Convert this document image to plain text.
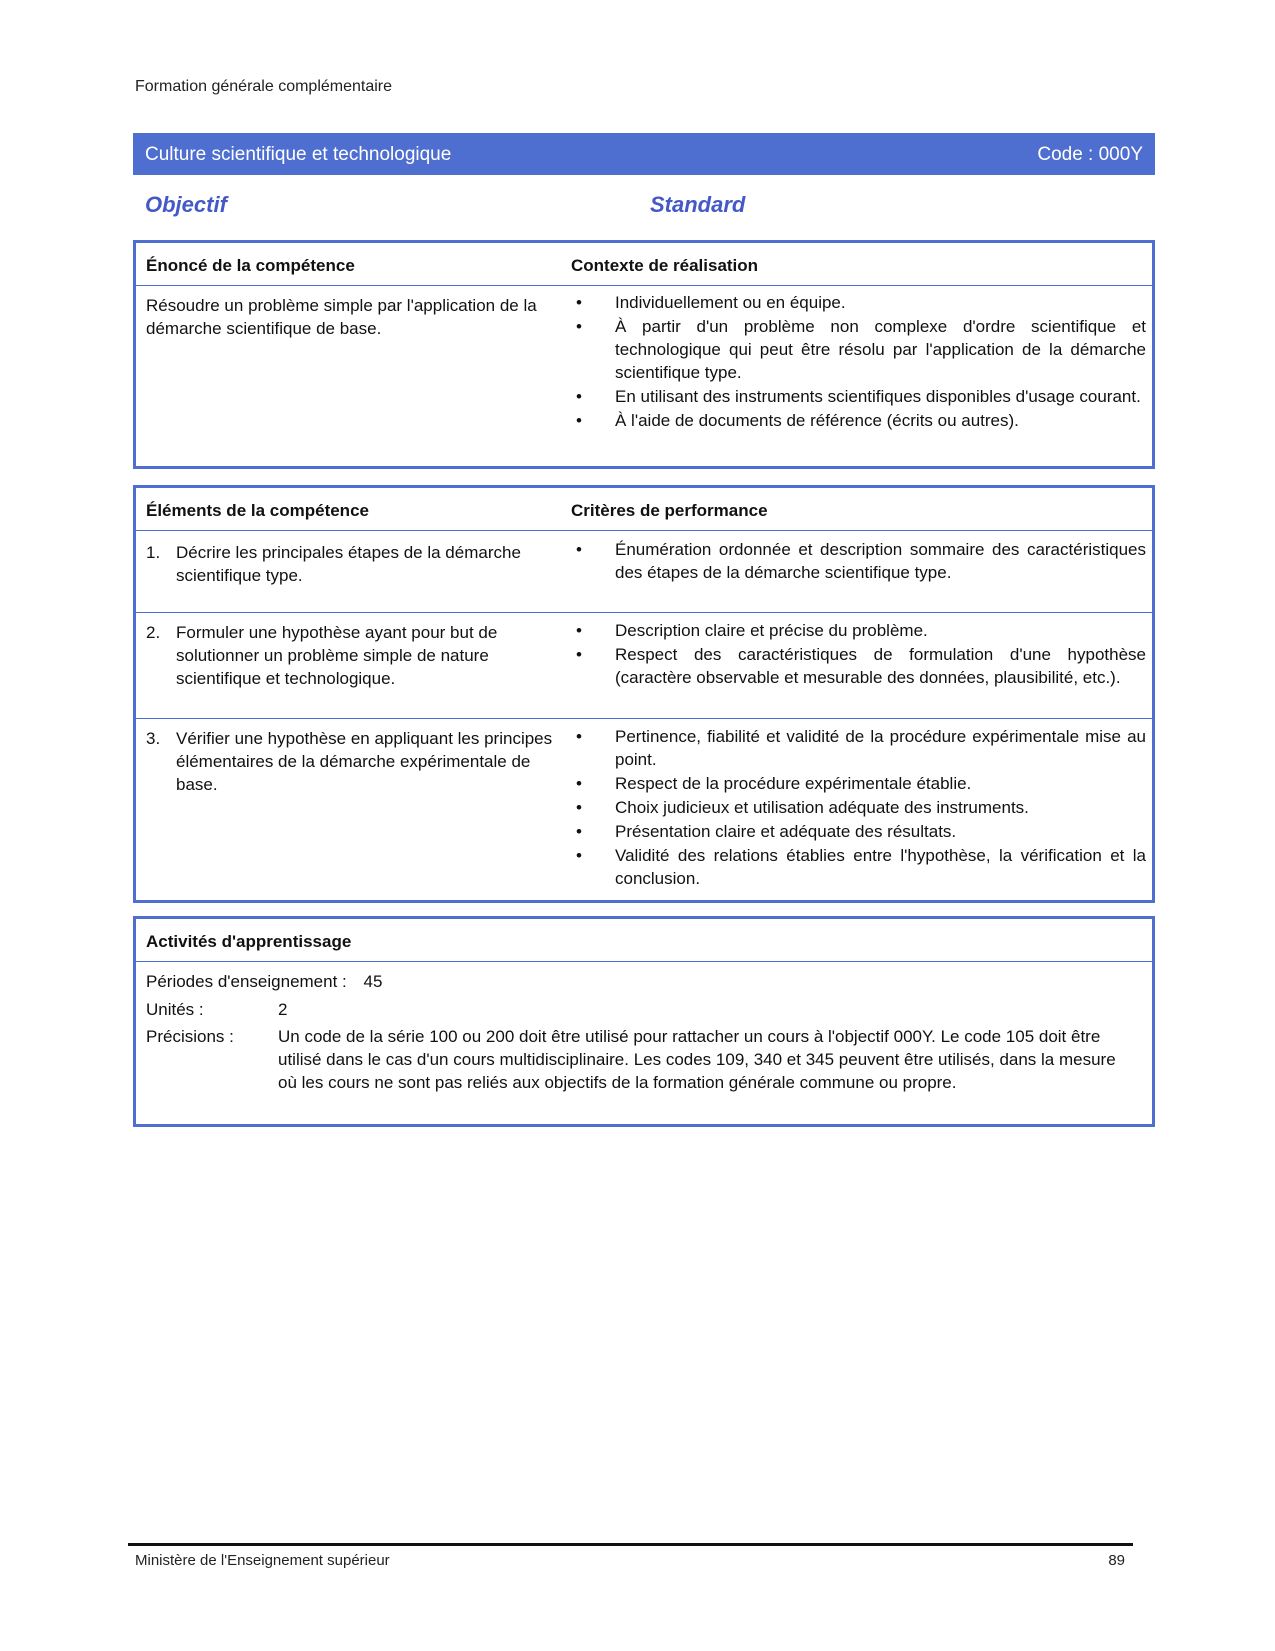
Formation générale complémentaire
Culture scientifique et technologique	Code : 000Y
Objectif	Standard
Énoncé de la compétence	Contexte de réalisation
Résoudre un problème simple par l'application de la démarche scientifique de base.
• Individuellement ou en équipe.
• À partir d'un problème non complexe d'ordre scientifique et technologique qui peut être résolu par l'application de la démarche scientifique type.
• En utilisant des instruments scientifiques disponibles d'usage courant.
• À l'aide de documents de référence (écrits ou autres).
Éléments de la compétence	Critères de performance
1. Décrire les principales étapes de la démarche scientifique type.
• Énumération ordonnée et description sommaire des caractéristiques des étapes de la démarche scientifique type.
2. Formuler une hypothèse ayant pour but de solutionner un problème simple de nature scientifique et technologique.
• Description claire et précise du problème.
• Respect des caractéristiques de formulation d'une hypothèse (caractère observable et mesurable des données, plausibilité, etc.).
3. Vérifier une hypothèse en appliquant les principes élémentaires de la démarche expérimentale de base.
• Pertinence, fiabilité et validité de la procédure expérimentale mise au point.
• Respect de la procédure expérimentale établie.
• Choix judicieux et utilisation adéquate des instruments.
• Présentation claire et adéquate des résultats.
• Validité des relations établies entre l'hypothèse, la vérification et la conclusion.
Activités d'apprentissage
Périodes d'enseignement : 45
Unités :	2
Précisions :	Un code de la série 100 ou 200 doit être utilisé pour rattacher un cours à l'objectif 000Y. Le code 105 doit être utilisé dans le cas d'un cours multidisciplinaire. Les codes 109, 340 et 345 peuvent être utilisés, dans la mesure où les cours ne sont pas reliés aux objectifs de la formation générale commune ou propre.
Ministère de l'Enseignement supérieur	89
